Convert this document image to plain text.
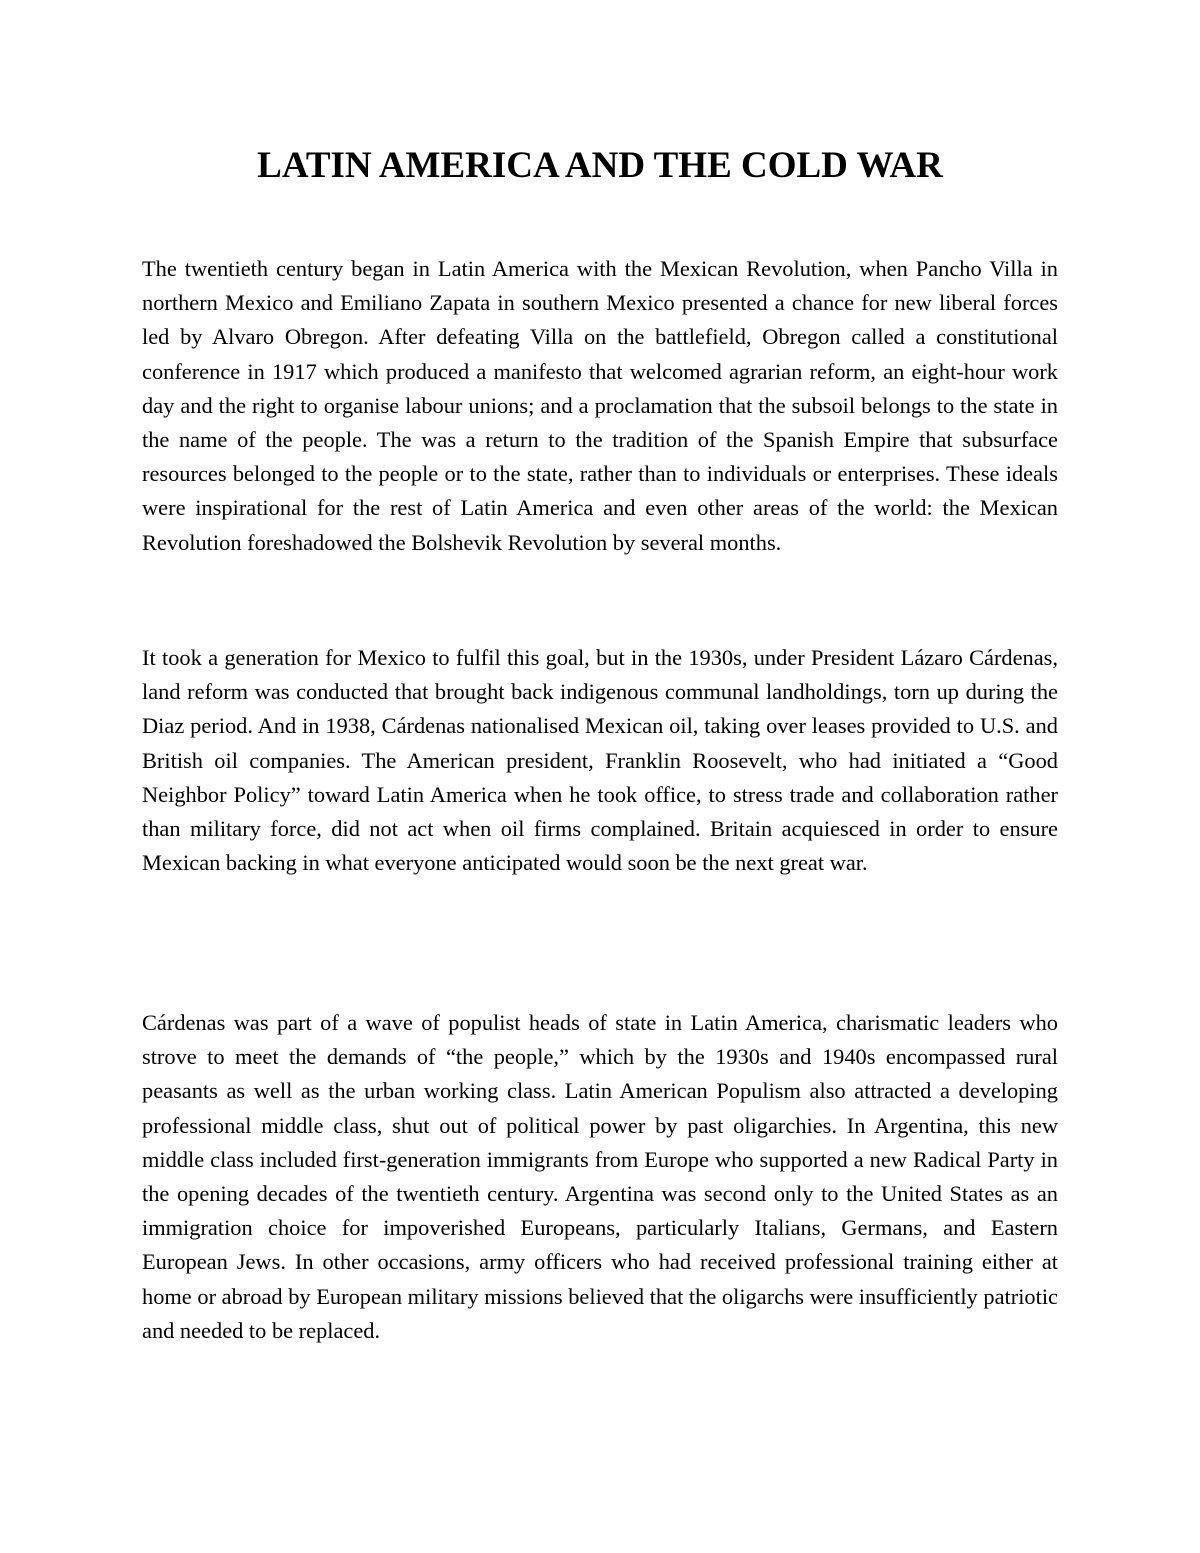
LATIN AMERICA AND THE COLD WAR

The twentieth century began in Latin America with the Mexican Revolution, when Pancho Villa in northern Mexico and Emiliano Zapata in southern Mexico presented a chance for new liberal forces led by Alvaro Obregon. After defeating Villa on the battlefield, Obregon called a constitutional conference in 1917 which produced a manifesto that welcomed agrarian reform, an eight-hour work day and the right to organise labour unions; and a proclamation that the subsoil belongs to the state in the name of the people. The was a return to the tradition of the Spanish Empire that subsurface resources belonged to the people or to the state, rather than to individuals or enterprises. These ideals were inspirational for the rest of Latin America and even other areas of the world: the Mexican Revolution foreshadowed the Bolshevik Revolution by several months.

It took a generation for Mexico to fulfil this goal, but in the 1930s, under President Lázaro Cárdenas, land reform was conducted that brought back indigenous communal landholdings, torn up during the Diaz period. And in 1938, Cárdenas nationalised Mexican oil, taking over leases provided to U.S. and British oil companies. The American president, Franklin Roosevelt, who had initiated a “Good Neighbor Policy” toward Latin America when he took office, to stress trade and collaboration rather than military force, did not act when oil firms complained. Britain acquiesced in order to ensure Mexican backing in what everyone anticipated would soon be the next great war.

Cárdenas was part of a wave of populist heads of state in Latin America, charismatic leaders who strove to meet the demands of “the people,” which by the 1930s and 1940s encompassed rural peasants as well as the urban working class. Latin American Populism also attracted a developing professional middle class, shut out of political power by past oligarchies. In Argentina, this new middle class included first-generation immigrants from Europe who supported a new Radical Party in the opening decades of the twentieth century. Argentina was second only to the United States as an immigration choice for impoverished Europeans, particularly Italians, Germans, and Eastern European Jews. In other occasions, army officers who had received professional training either at home or abroad by European military missions believed that the oligarchs were insufficiently patriotic and needed to be replaced.
